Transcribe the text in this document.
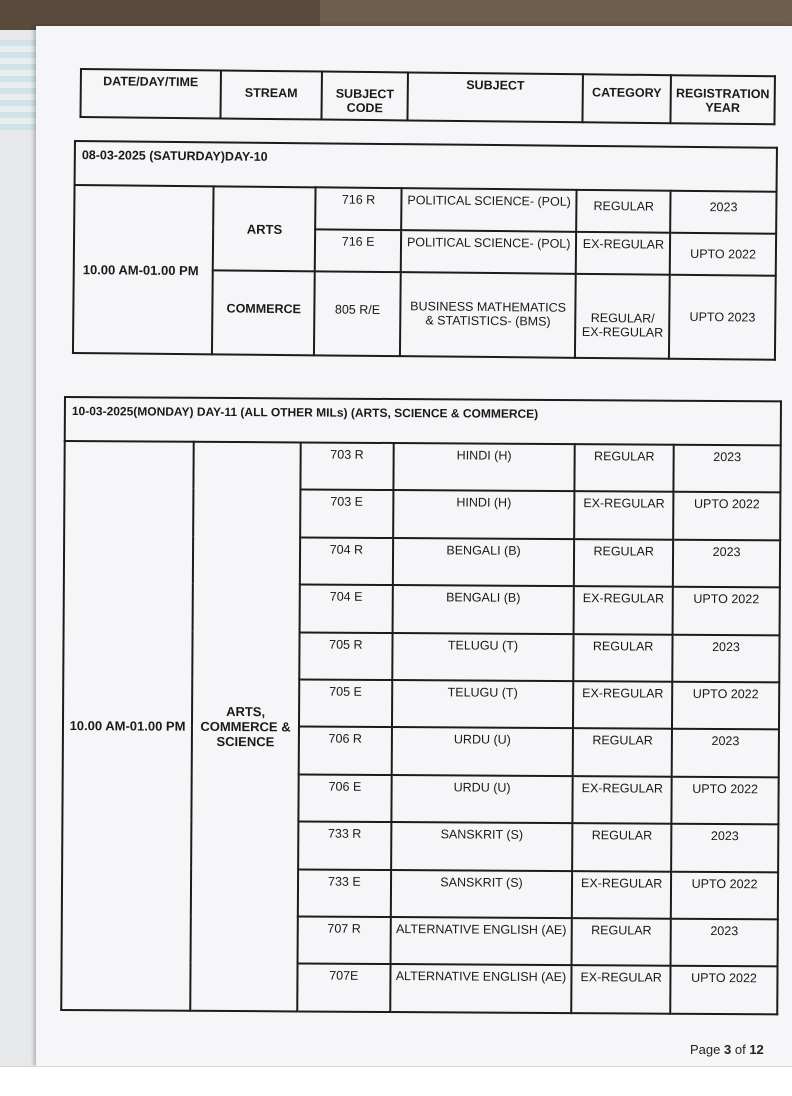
DATE/DAY/TIME	STREAM	SUBJECT CODE	SUBJECT	CATEGORY	REGISTRATION YEAR
08-03-2025 (SATURDAY)DAY-10					
10.00 AM-01.00 PM	ARTS	716 R	POLITICAL SCIENCE- (POL)	REGULAR	2023
		716 E	POLITICAL SCIENCE- (POL)	EX-REGULAR	UPTO 2022
	COMMERCE	805 R/E	BUSINESS MATHEMATICS & STATISTICS- (BMS)	REGULAR/ EX-REGULAR	UPTO 2023
10-03-2025(MONDAY) DAY-11 (ALL OTHER MILs) (ARTS, SCIENCE & COMMERCE)					
10.00 AM-01.00 PM	ARTS, COMMERCE & SCIENCE	703 R	HINDI (H)	REGULAR	2023
		703 E	HINDI (H)	EX-REGULAR	UPTO 2022
		704 R	BENGALI (B)	REGULAR	2023
		704 E	BENGALI (B)	EX-REGULAR	UPTO 2022
		705 R	TELUGU (T)	REGULAR	2023
		705 E	TELUGU (T)	EX-REGULAR	UPTO 2022
		706 R	URDU (U)	REGULAR	2023
		706 E	URDU (U)	EX-REGULAR	UPTO 2022
		733 R	SANSKRIT (S)	REGULAR	2023
		733 E	SANSKRIT (S)	EX-REGULAR	UPTO 2022
		707 R	ALTERNATIVE ENGLISH (AE)	REGULAR	2023
		707E	ALTERNATIVE ENGLISH (AE)	EX-REGULAR	UPTO 2022
Page 3 of 12
